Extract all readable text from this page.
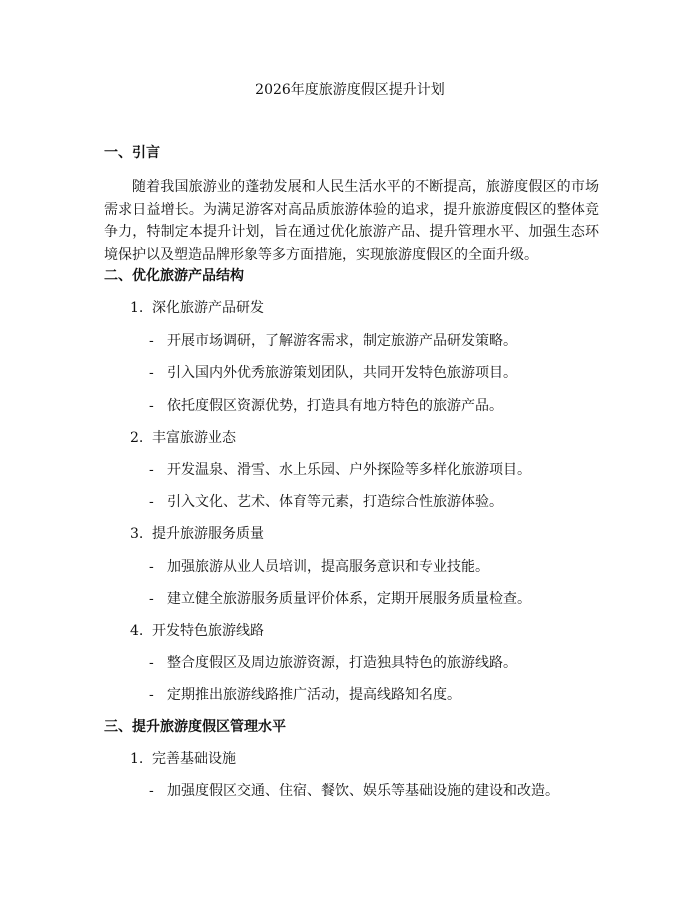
2026年度旅游度假区提升计划
一、引言
随着我国旅游业的蓬勃发展和人民生活水平的不断提高，旅游度假区的市场需求日益增长。为满足游客对高品质旅游体验的追求，提升旅游度假区的整体竞争力，特制定本提升计划，旨在通过优化旅游产品、提升管理水平、加强生态环境保护以及塑造品牌形象等多方面措施，实现旅游度假区的全面升级。
二、优化旅游产品结构
1. 深化旅游产品研发
- 开展市场调研，了解游客需求，制定旅游产品研发策略。
- 引入国内外优秀旅游策划团队，共同开发特色旅游项目。
- 依托度假区资源优势，打造具有地方特色的旅游产品。
2. 丰富旅游业态
- 开发温泉、滑雪、水上乐园、户外探险等多样化旅游项目。
- 引入文化、艺术、体育等元素，打造综合性旅游体验。
3. 提升旅游服务质量
- 加强旅游从业人员培训，提高服务意识和专业技能。
- 建立健全旅游服务质量评价体系，定期开展服务质量检查。
4. 开发特色旅游线路
- 整合度假区及周边旅游资源，打造独具特色的旅游线路。
- 定期推出旅游线路推广活动，提高线路知名度。
三、提升旅游度假区管理水平
1. 完善基础设施
- 加强度假区交通、住宿、餐饮、娱乐等基础设施的建设和改造。
